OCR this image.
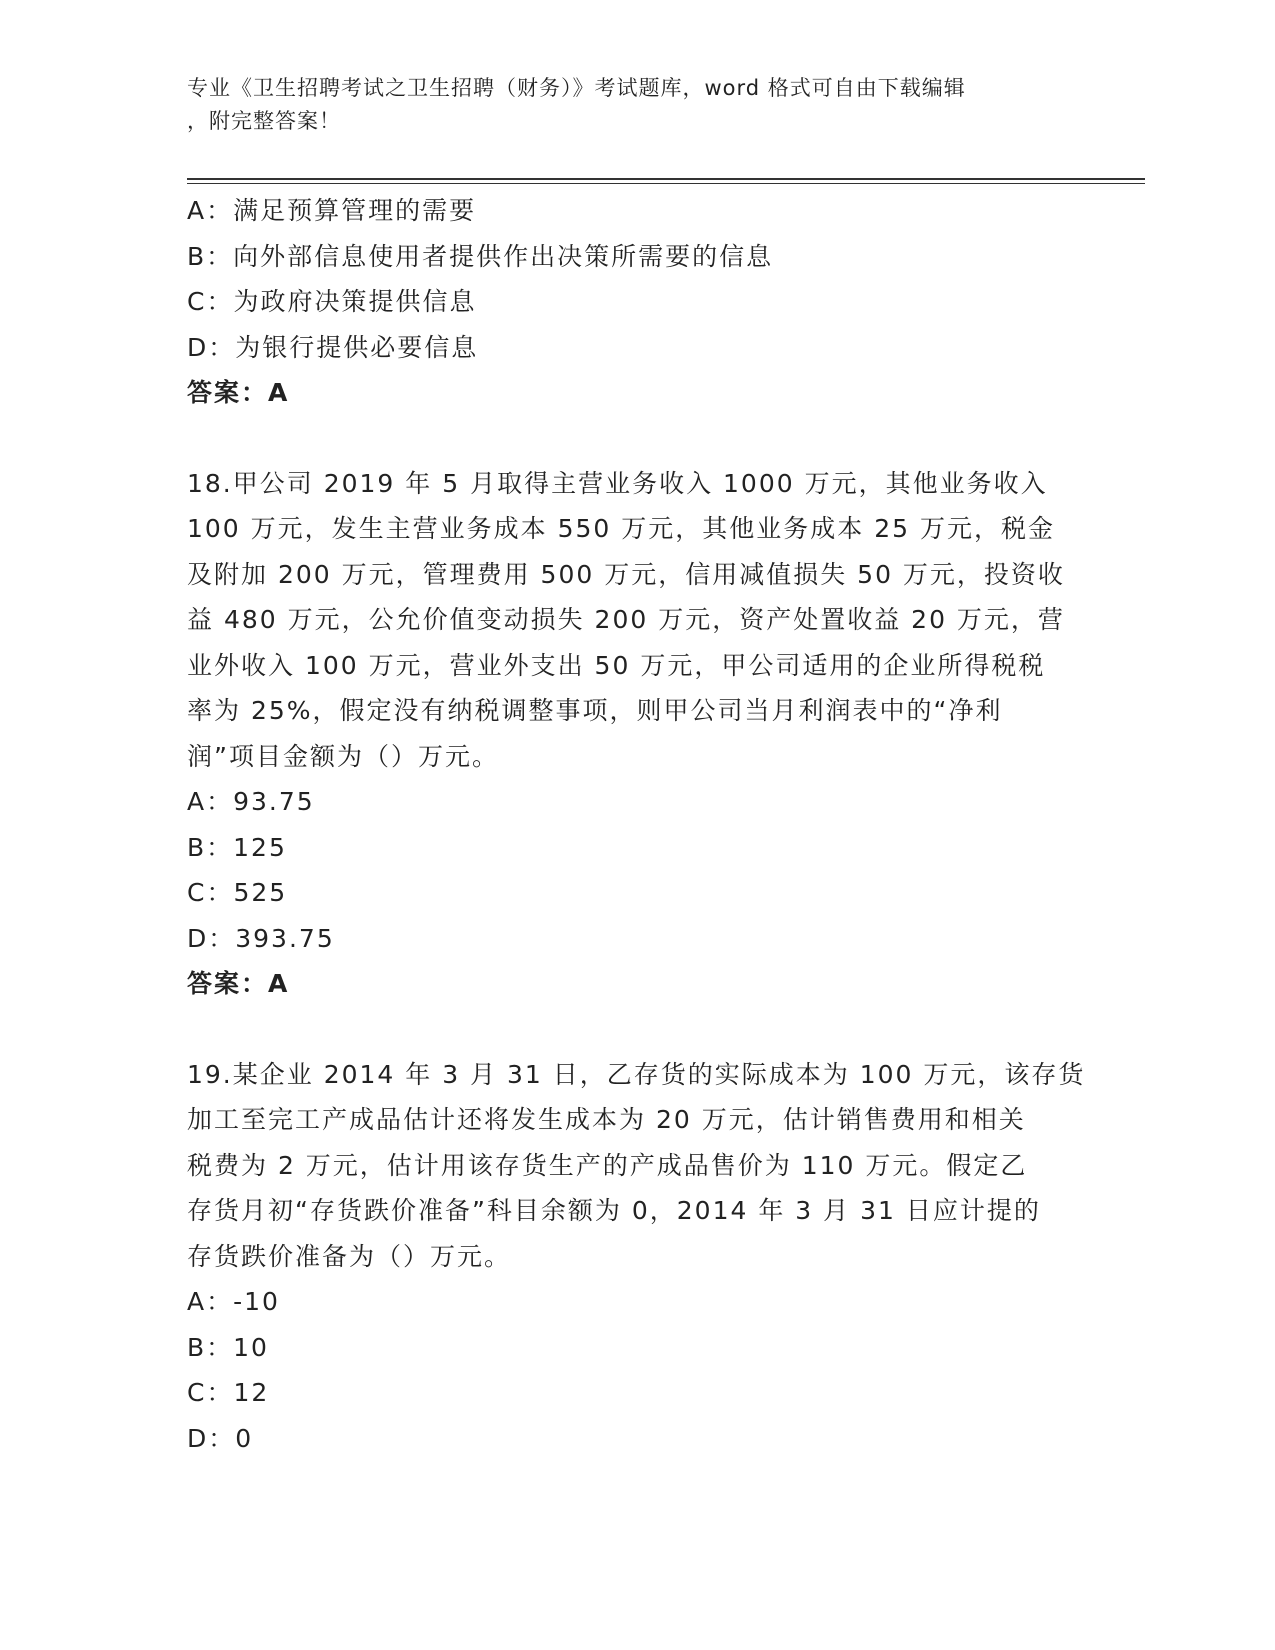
专业《卫生招聘考试之卫生招聘（财务）》考试题库，word 格式可自由下载编辑
，附完整答案！
A：满足预算管理的需要
B：向外部信息使用者提供作出决策所需要的信息
C：为政府决策提供信息
D：为银行提供必要信息
答案：A
18.甲公司 2019 年 5 月取得主营业务收入 1000 万元，其他业务收入
100 万元，发生主营业务成本 550 万元，其他业务成本 25 万元，税金
及附加 200 万元，管理费用 500 万元，信用减值损失 50 万元，投资收
益 480 万元，公允价值变动损失 200 万元，资产处置收益 20 万元，营
业外收入 100 万元，营业外支出 50 万元，甲公司适用的企业所得税税
率为 25%，假定没有纳税调整事项，则甲公司当月利润表中的“净利
润”项目金额为（）万元。
A：93.75
B：125
C：525
D：393.75
答案：A
19.某企业 2014 年 3 月 31 日，乙存货的实际成本为 100 万元，该存货
加工至完工产成品估计还将发生成本为 20 万元，估计销售费用和相关
税费为 2 万元，估计用该存货生产的产成品售价为 110 万元。假定乙
存货月初“存货跌价准备”科目余额为 0，2014 年 3 月 31 日应计提的
存货跌价准备为（）万元。
A：-10
B：10
C：12
D：0
